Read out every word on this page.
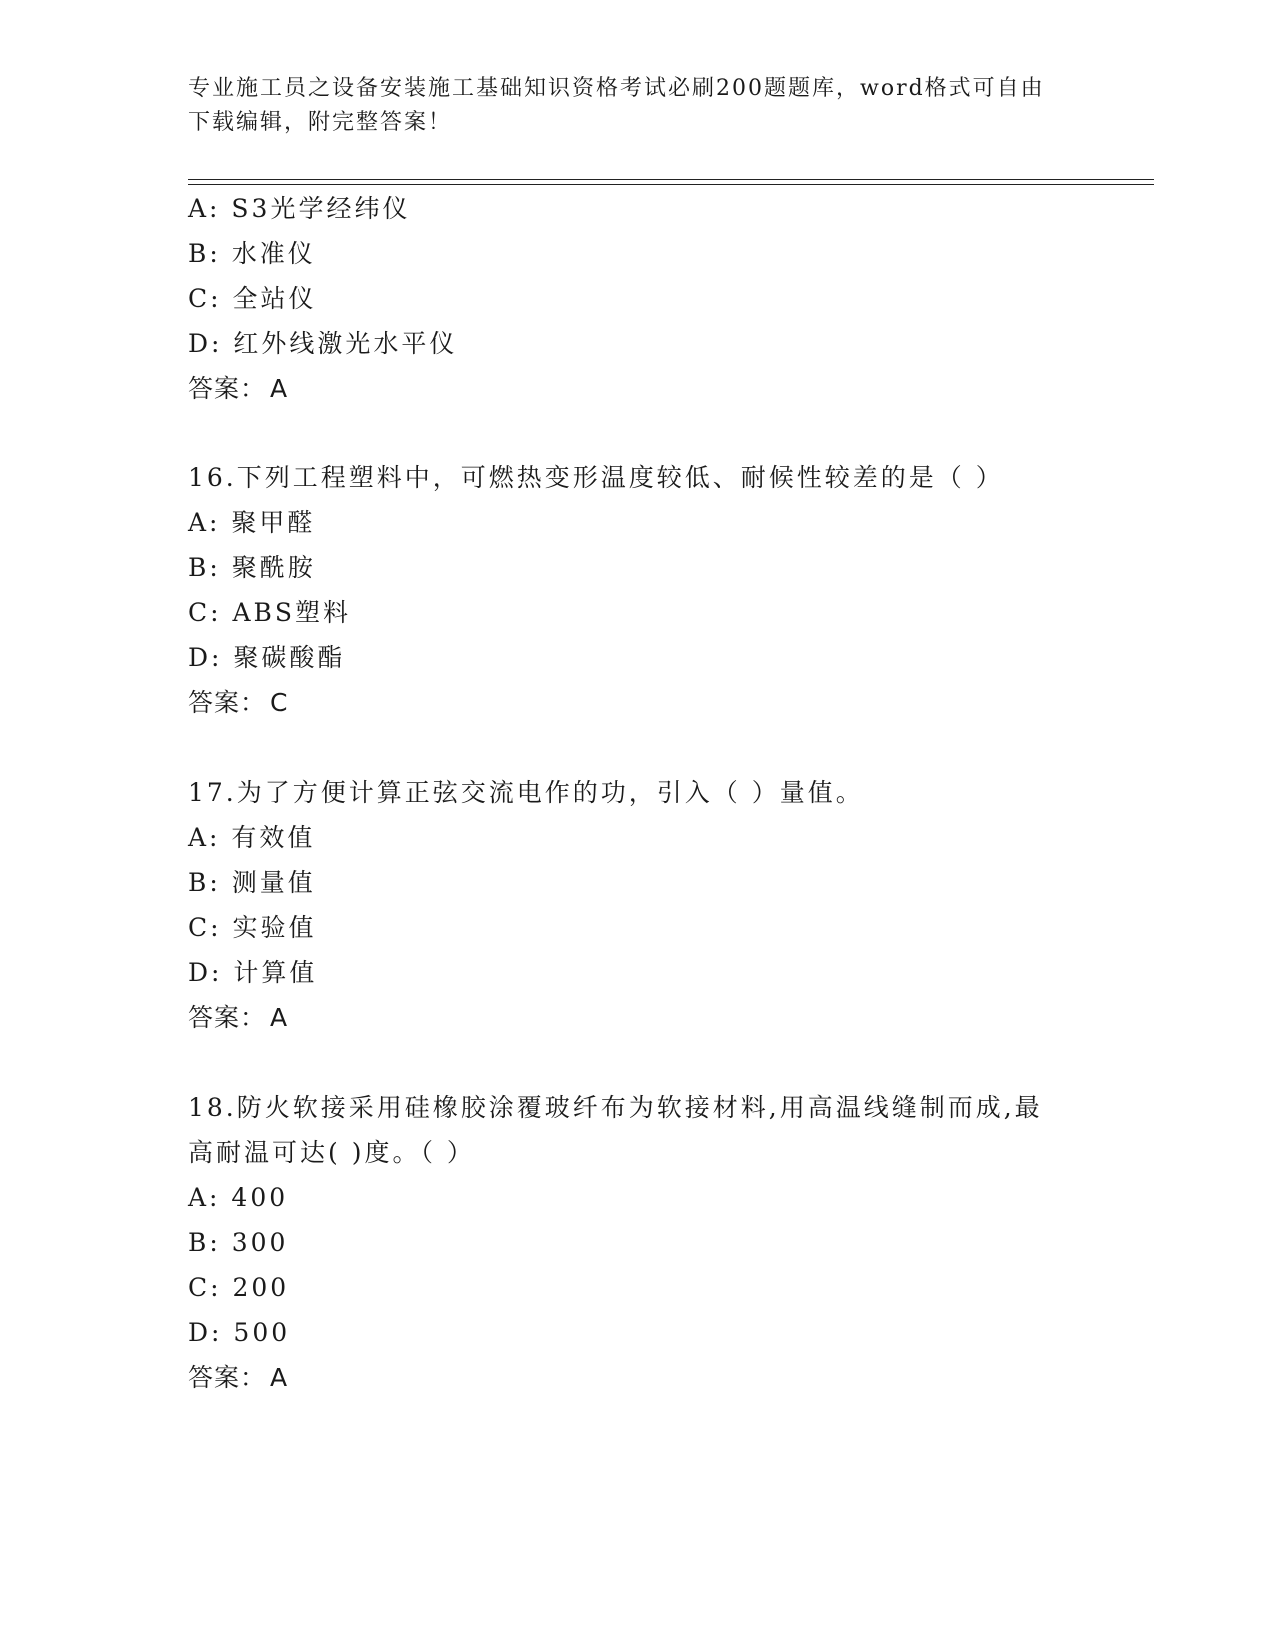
专业施工员之设备安装施工基础知识资格考试必刷200题题库，word格式可自由
下载编辑，附完整答案！

A: S3光学经纬仪

B: 水准仪

C: 全站仪

D: 红外线激光水平仪

答案： A

16.下列工程塑料中，可燃热变形温度较低、耐候性较差的是（ ）

A: 聚甲醛

B: 聚酰胺

C: ABS塑料

D: 聚碳酸酯

答案： C

17.为了方便计算正弦交流电作的功，引入（ ）量值。

A: 有效值

B: 测量值

C: 实验值

D: 计算值

答案： A

18.防火软接采用硅橡胶涂覆玻纤布为软接材料,用高温线缝制而成,最

高耐温可达( )度。（ ）

A: 400

B: 300

C: 200

D: 500

答案： A
